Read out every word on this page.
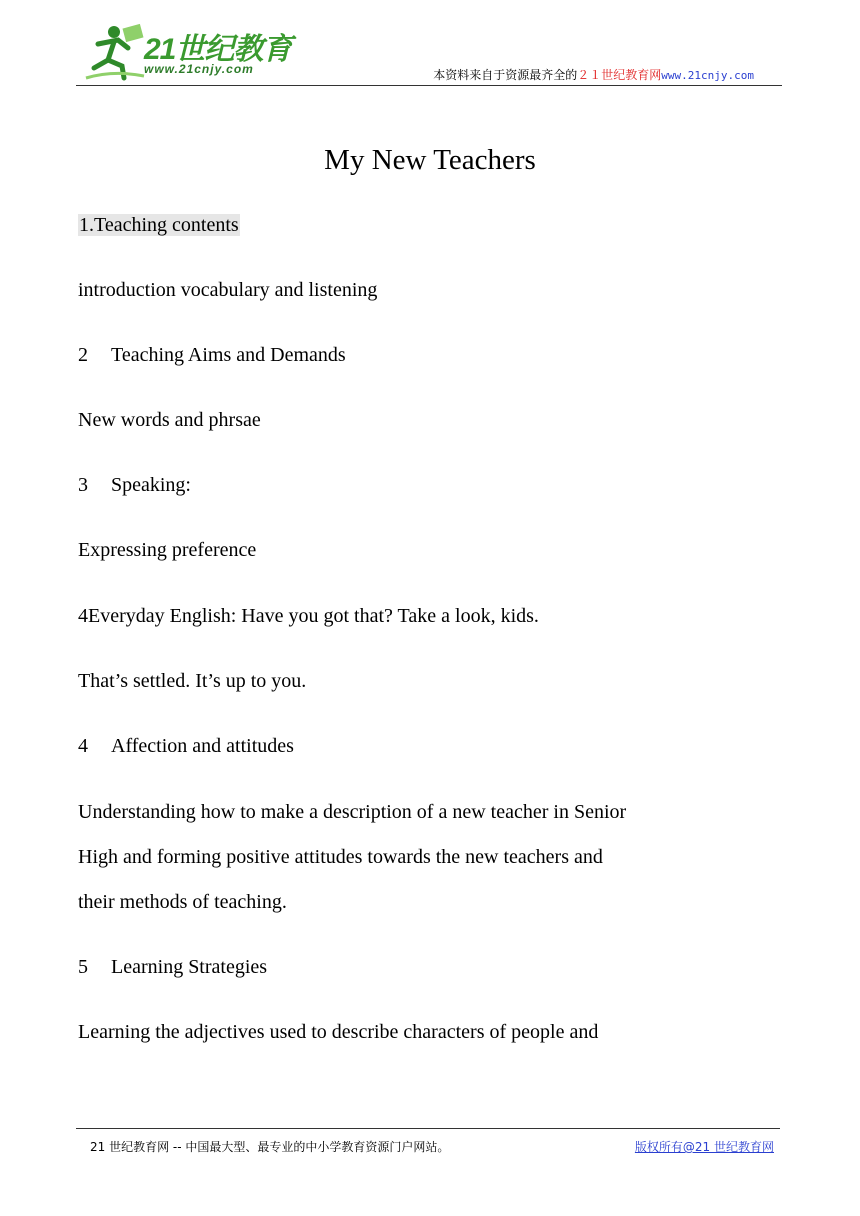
21世纪教育
www.21cnjy.com	本资料来自于资源最齐全的２１世纪教育网www.21cnjy.com
My New Teachers

1.Teaching contents

introduction vocabulary and listening

2 Teaching Aims and Demands

New words and phrsae

3 Speaking:

Expressing preference

4Everyday English: Have you got that? Take a look, kids.

That’s settled. It’s up to you.

4 Affection and attitudes

Understanding how to make a description of a new teacher in Senior

High and forming positive attitudes towards the new teachers and

their methods of teaching.

5 Learning Strategies

Learning the adjectives used to describe characters of people and

21 世纪教育网 -- 中国最大型、最专业的中小学教育资源门户网站。	版权所有@21 世纪教育网
